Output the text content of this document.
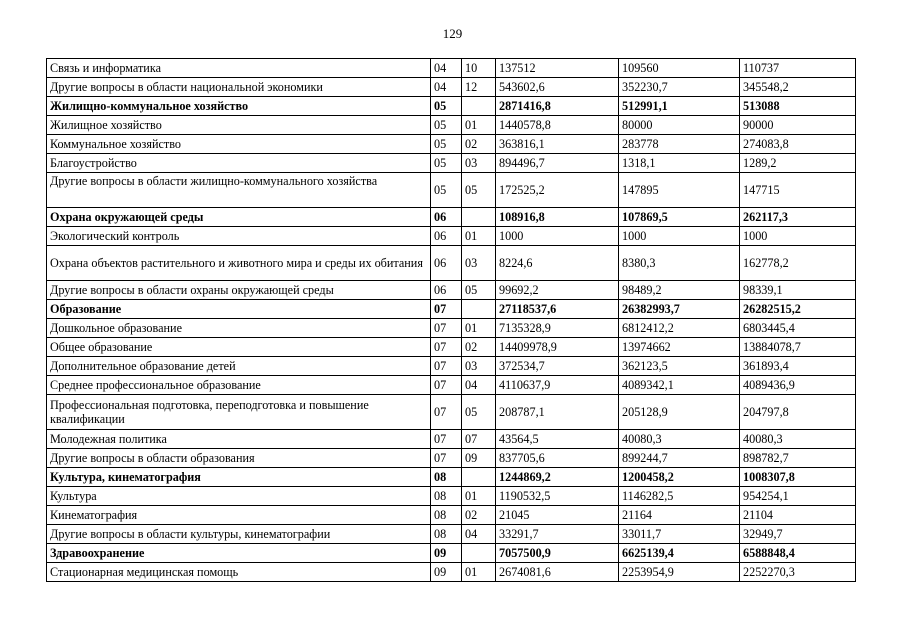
129
Связь и информатика	04	10	137512	109560	110737
Другие вопросы в области национальной экономики	04	12	543602,6	352230,7	345548,2
Жилищно-коммунальное хозяйство	05		2871416,8	512991,1	513088
Жилищное хозяйство	05	01	1440578,8	80000	90000
Коммунальное хозяйство	05	02	363816,1	283778	274083,8
Благоустройство	05	03	894496,7	1318,1	1289,2
Другие вопросы в области жилищно-коммунального хозяйства	05	05	172525,2	147895	147715
Охрана окружающей среды	06		108916,8	107869,5	262117,3
Экологический контроль	06	01	1000	1000	1000
Охрана объектов растительного и животного мира и среды их обитания	06	03	8224,6	8380,3	162778,2
Другие вопросы в области охраны окружающей среды	06	05	99692,2	98489,2	98339,1
Образование	07		27118537,6	26382993,7	26282515,2
Дошкольное образование	07	01	7135328,9	6812412,2	6803445,4
Общее образование	07	02	14409978,9	13974662	13884078,7
Дополнительное образование детей	07	03	372534,7	362123,5	361893,4
Среднее профессиональное образование	07	04	4110637,9	4089342,1	4089436,9
Профессиональная подготовка, переподготовка и повышение квалификации	07	05	208787,1	205128,9	204797,8
Молодежная политика	07	07	43564,5	40080,3	40080,3
Другие вопросы в области образования	07	09	837705,6	899244,7	898782,7
Культура, кинематография	08		1244869,2	1200458,2	1008307,8
Культура	08	01	1190532,5	1146282,5	954254,1
Кинематография	08	02	21045	21164	21104
Другие вопросы в области культуры, кинематографии	08	04	33291,7	33011,7	32949,7
Здравоохранение	09		7057500,9	6625139,4	6588848,4
Стационарная медицинская помощь	09	01	2674081,6	2253954,9	2252270,3
